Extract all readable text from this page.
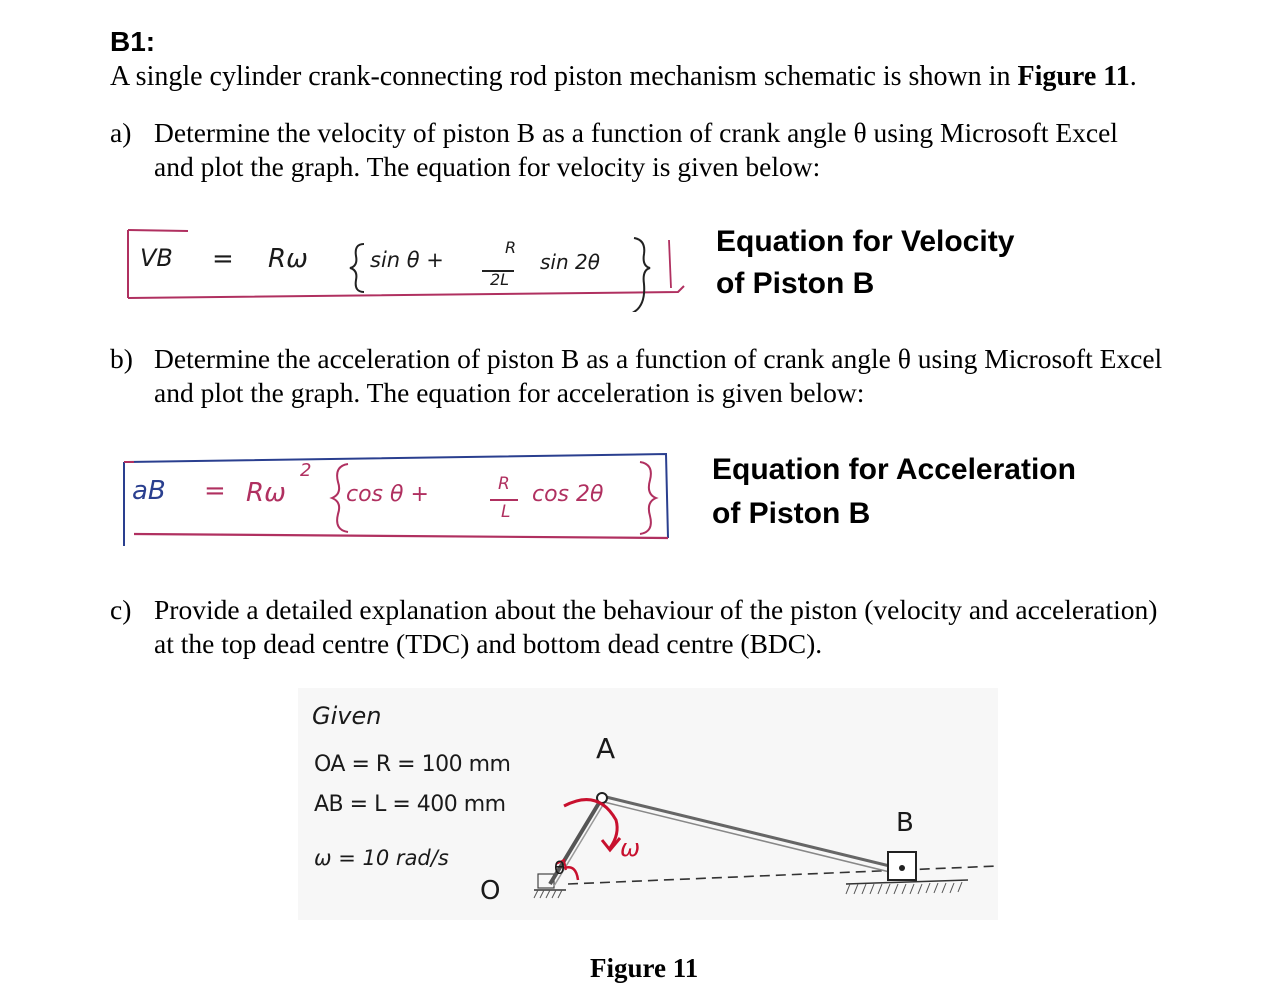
B1:
A single cylinder crank-connecting rod piston mechanism schematic is shown in Figure 11.
a) Determine the velocity of piston B as a function of crank angle θ using Microsoft Excel
and plot the graph. The equation for velocity is given below:
VB = Rω	sin θ +
R
2L
sin 2θ
Equation for Velocity
of Piston B
b) Determine the acceleration of piston B as a function of crank angle θ using Microsoft Excel
and plot the graph. The equation for acceleration is given below:
aB = Rω
2
cos θ +	R
L
cos 2θ
Equation for Acceleration
of Piston B
c) Provide a detailed explanation about the behaviour of the piston (velocity and acceleration)
at the top dead centre (TDC) and bottom dead centre (BDC).
Given
OA = R = 100 mm
AB = L = 400 mm
ω = 10 rad/s
A
B
O
θ
ω
Figure 11
